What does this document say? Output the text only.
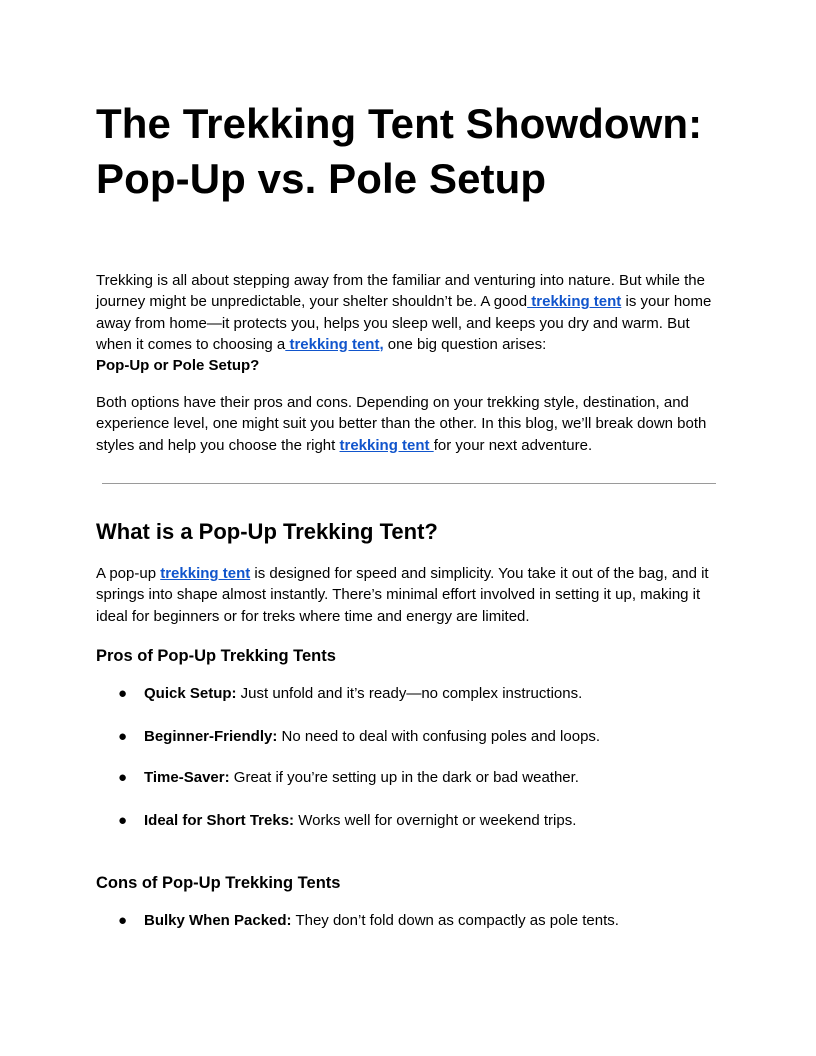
The Trekking Tent Showdown:
Pop-Up vs. Pole Setup

Trekking is all about stepping away from the familiar and venturing into nature. But while the journey might be unpredictable, your shelter shouldn’t be. A good trekking tent is your home away from home—it protects you, helps you sleep well, and keeps you dry and warm. But when it comes to choosing a trekking tent, one big question arises:
Pop-Up or Pole Setup?

Both options have their pros and cons. Depending on your trekking style, destination, and experience level, one might suit you better than the other. In this blog, we’ll break down both styles and help you choose the right trekking tent for your next adventure.

What is a Pop-Up Trekking Tent?

A pop-up trekking tent is designed for speed and simplicity. You take it out of the bag, and it springs into shape almost instantly. There’s minimal effort involved in setting it up, making it ideal for beginners or for treks where time and energy are limited.

Pros of Pop-Up Trekking Tents
● Quick Setup: Just unfold and it’s ready—no complex instructions.
● Beginner-Friendly: No need to deal with confusing poles and loops.
● Time-Saver: Great if you’re setting up in the dark or bad weather.
● Ideal for Short Treks: Works well for overnight or weekend trips.
Cons of Pop-Up Trekking Tents
● Bulky When Packed: They don’t fold down as compactly as pole tents.
